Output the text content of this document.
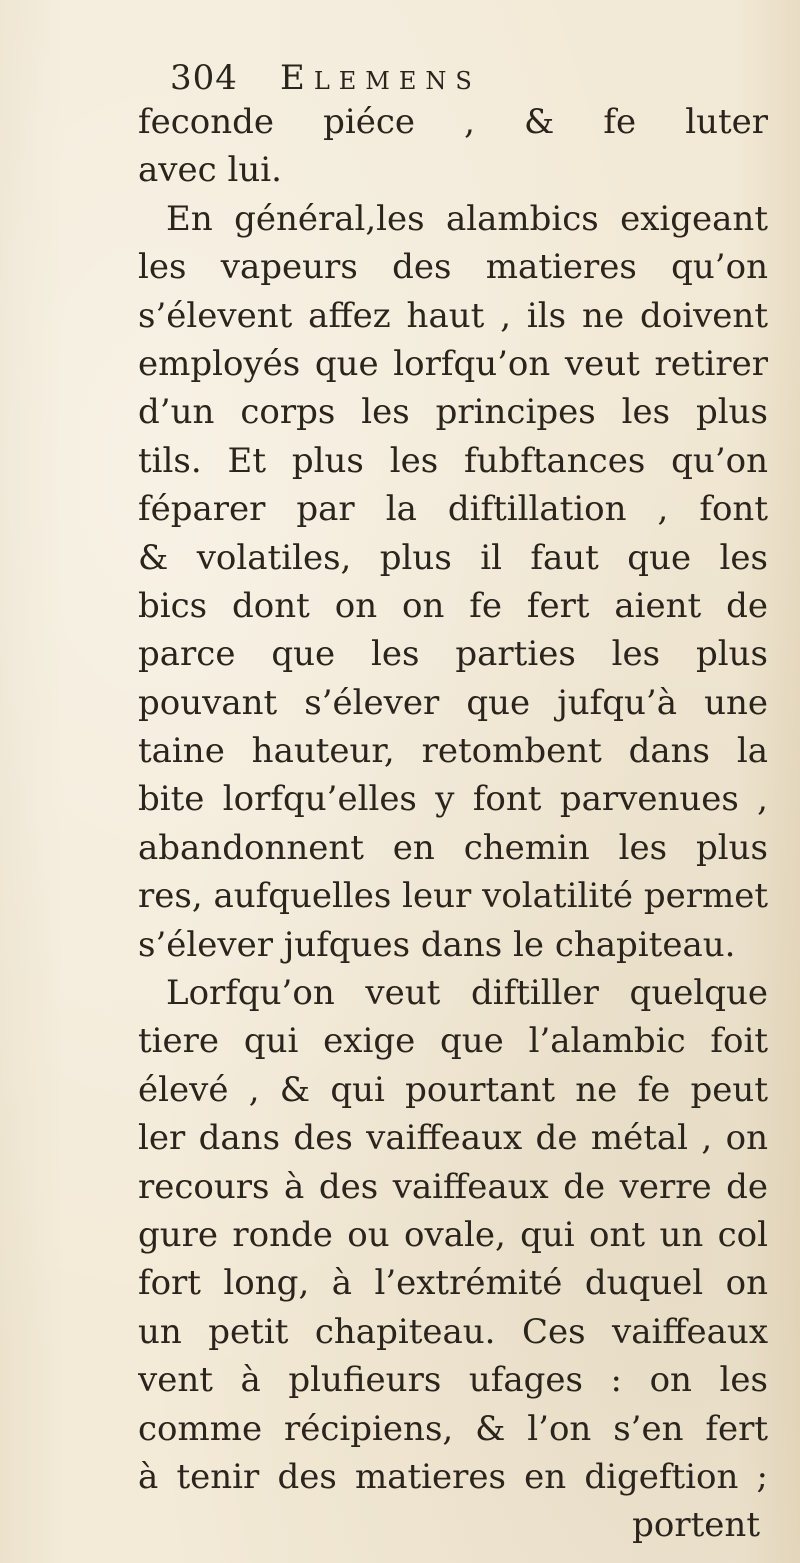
304 Elemens
feconde piéce , & fe luter
avec lui.
En général,les alambics exigeant
les vapeurs des matieres qu’on
s’élevent affez haut , ils ne doivent
employés que lorfqu’on veut retirer
d’un corps les principes les plus
tils. Et plus les fubftances qu’on
féparer par la diftillation , font
& volatiles, plus il faut que les
bics dont on on fe fert aient de
parce que les parties les plus
pouvant s’élever que jufqu’à une
taine hauteur, retombent dans la
bite lorfqu’elles y font parvenues ,
abandonnent en chemin les plus
res, aufquelles leur volatilité permet
s’élever jufques dans le chapiteau.
Lorfqu’on veut diftiller quelque
tiere qui exige que l’alambic foit
élevé , & qui pourtant ne fe peut
ler dans des vaiffeaux de métal , on
recours à des vaiffeaux de verre de
gure ronde ou ovale, qui ont un col
fort long, à l’extrémité duquel on
un petit chapiteau. Ces vaiffeaux
vent à plufieurs ufages : on les
comme récipiens, & l’on s’en fert
à tenir des matieres en digeftion ;
portent
